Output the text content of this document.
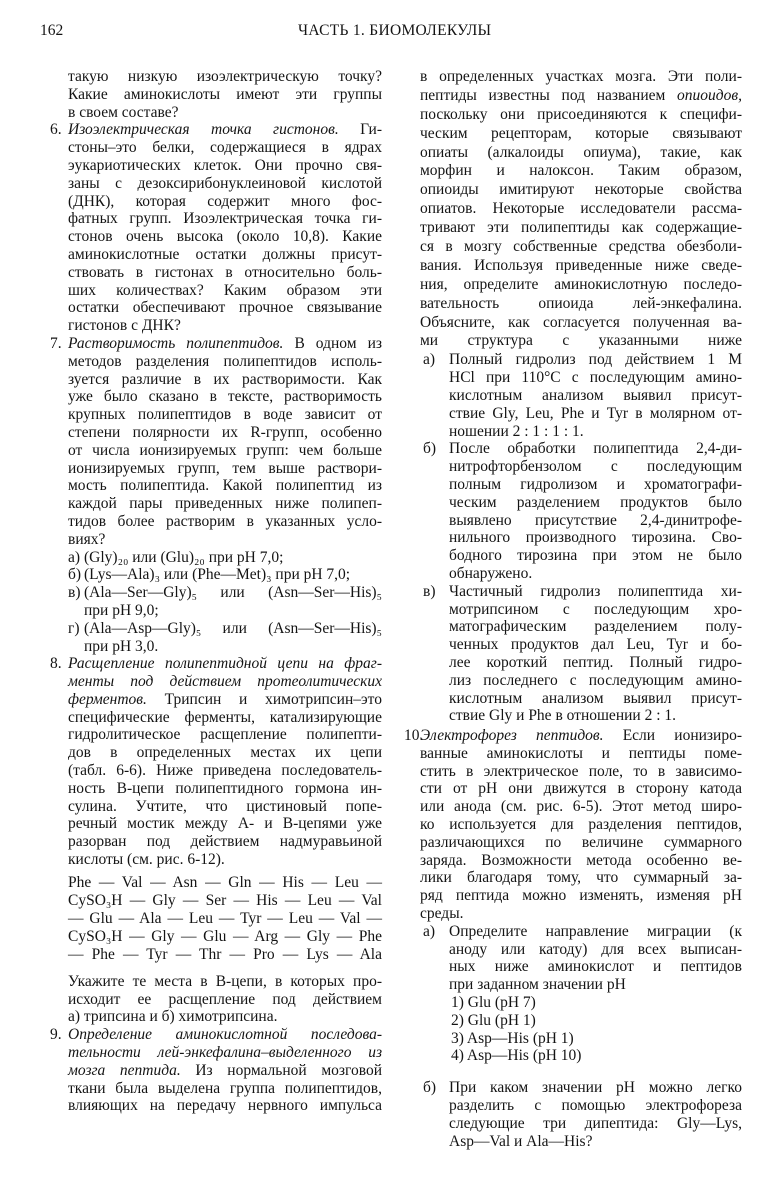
162	ЧАСТЬ 1. БИОМОЛЕКУЛЫ
такую низкую изоэлектрическую точку?
Какие аминокислоты имеют эти группы
в своем составе?
6. Изоэлектрическая точка гистонов. Ги-
стоны–это белки, содержащиеся в ядрах
эукариотических клеток. Они прочно свя-
заны с дезоксирибонуклеиновой кислотой
(ДНК), которая содержит много фос-
фатных групп. Изоэлектрическая точка ги-
стонов очень высока (около 10,8). Какие
аминокислотные остатки должны присут-
ствовать в гистонах в относительно боль-
ших количествах? Каким образом эти
остатки обеспечивают прочное связывание
гистонов с ДНК?
7. Растворимость полипептидов. В одном из
методов разделения полипептидов исполь-
зуется различие в их растворимости. Как
уже было сказано в тексте, растворимость
крупных полипептидов в воде зависит от
степени полярности их R-групп, особенно
от числа ионизируемых групп: чем больше
ионизируемых групп, тем выше раствори-
мость полипептида. Какой полипептид из
каждой пары приведенных ниже полипеп-
тидов более растворим в указанных усло-
виях?
а) (Gly)₂₀ или (Glu)₂₀ при pH 7,0;
б) (Lys—Ala)₃ или (Phe—Met)₃ при pH 7,0;
в) (Ala—Ser—Gly)₅ или (Asn—Ser—His)₅
при pH 9,0;
г) (Ala—Asp—Gly)₅ или (Asn—Ser—His)₅
при pH 3,0.
8. Расщепление полипептидной цепи на фраг-
менты под действием протеолитических
ферментов. Трипсин и химотрипсин–это
специфические ферменты, катализирующие
гидролитическое расщепление полипепти-
дов в определенных местах их цепи
(табл. 6-6). Ниже приведена последователь-
ность В-цепи полипептидного гормона ин-
сулина. Учтите, что цистиновый попе-
речный мостик между А- и В-цепями уже
разорван под действием надмуравьиной
кислоты (см. рис. 6-12).
Phe — Val — Asn — Gln — His — Leu —
CySO₃H — Gly — Ser — His — Leu — Val
— Glu — Ala — Leu — Tyr — Leu — Val —
CySO₃H — Gly — Glu — Arg — Gly — Phe
— Phe — Tyr — Thr — Pro — Lys — Ala
Укажите те места в В-цепи, в которых про-
исходит ее расщепление под действием
а) трипсина и б) химотрипсина.
9. Определение аминокислотной последова-
тельности лей-энкефалина–выделенного из
мозга пептида. Из нормальной мозговой
ткани была выделена группа полипептидов,
влияющих на передачу нервного импульса
в определенных участках мозга. Эти поли-
пептиды известны под названием опиоидов,
поскольку они присоединяются к специфи-
ческим рецепторам, которые связывают
опиаты (алкалоиды опиума), такие, как
морфин и налоксон. Таким образом,
опиоиды имитируют некоторые свойства
опиатов. Некоторые исследователи рассма-
тривают эти полипептиды как содержащие-
ся в мозгу собственные средства обезболи-
вания. Используя приведенные ниже сведе-
ния, определите аминокислотную последо-
вательность опиоида лей-энкефалина.
Объясните, как согласуется полученная ва-
ми структура с указанными ниже
а) Полный гидролиз под действием 1 М
HCl при 110°С с последующим амино-
кислотным анализом выявил присут-
ствие Gly, Leu, Phe и Tyr в молярном от-
ношении 2 : 1 : 1 : 1.
б) После обработки полипептида 2,4-ди-
нитрофторбензолом с последующим
полным гидролизом и хроматографи-
ческим разделением продуктов было
выявлено присутствие 2,4-динитрофе-
нильного производного тирозина. Сво-
бодного тирозина при этом не было
обнаружено.
в) Частичный гидролиз полипептида хи-
мотрипсином с последующим хро-
матографическим разделением полу-
ченных продуктов дал Leu, Tyr и бо-
лее короткий пептид. Полный гидро-
лиз последнего с последующим амино-
кислотным анализом выявил присут-
ствие Gly и Phe в отношении 2 : 1.
10.
Электрофорез пептидов. Если ионизиро-
ванные аминокислоты и пептиды поме-
стить в электрическое поле, то в зависимо-
сти от pH они движутся в сторону катода
или анода (см. рис. 6-5). Этот метод широ-
ко используется для разделения пептидов,
различающихся по величине суммарного
заряда. Возможности метода особенно ве-
лики благодаря тому, что суммарный за-
ряд пептида можно изменять, изменяя pH
среды.
а) Определите направление миграции (к
аноду или катоду) для всех выписан-
ных ниже аминокислот и пептидов
при заданном значении pH
1) Glu (pH 7)
2) Glu (pH 1)
3) Asp—His (pH 1)
4) Asp—His (pH 10)
б) При каком значении pH можно легко
разделить с помощью электрофореза
следующие три дипептида: Gly—Lys,
Asp—Val и Ala—His?
